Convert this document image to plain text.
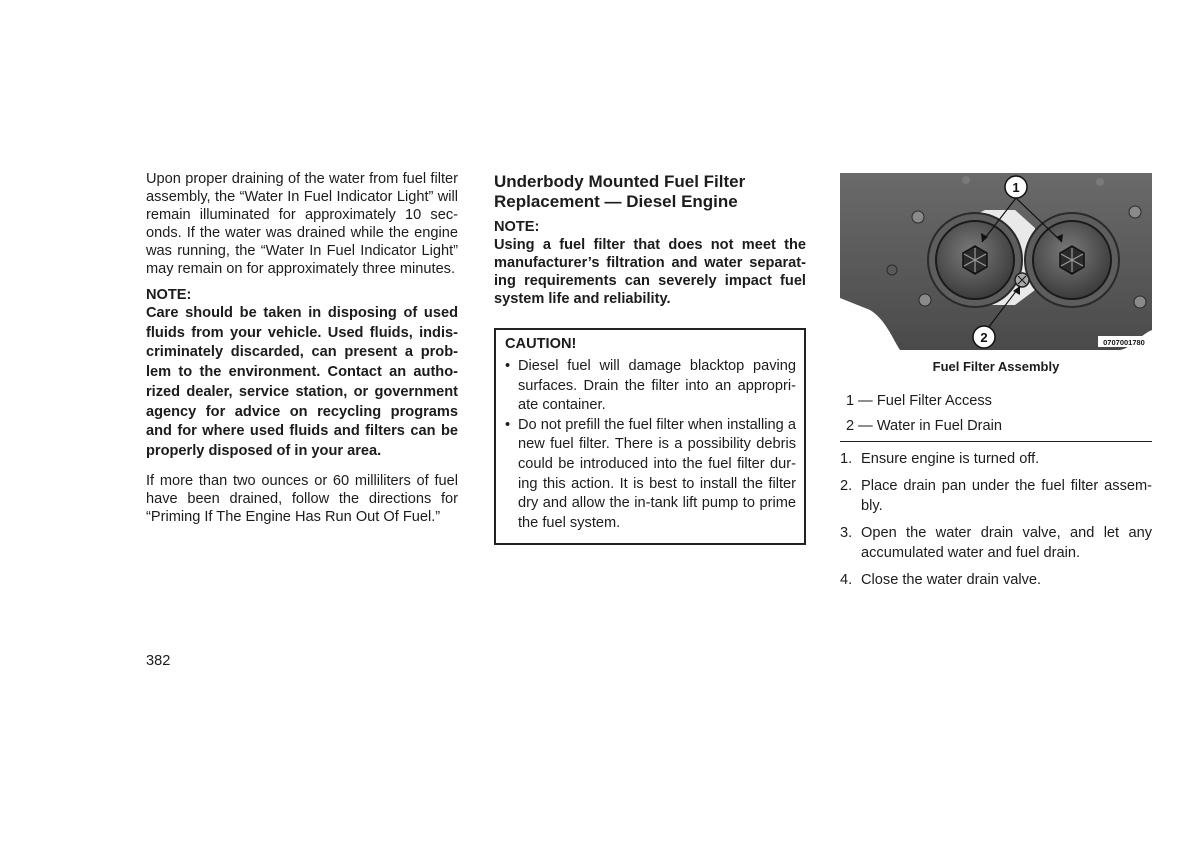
Upon proper draining of the water from fuel filter assembly, the “Water In Fuel Indicator Light” will remain illuminated for approximately 10 sec-onds. If the water was drained while the engine was running, the “Water In Fuel Indicator Light” may remain on for approximately three minutes.

NOTE:

Care should be taken in disposing of used fluids from your vehicle. Used fluids, indis-criminately discarded, can present a prob-lem to the environment. Contact an autho-rized dealer, service station, or government agency for advice on recycling programs and for where used fluids and filters can be properly disposed of in your area.

If more than two ounces or 60 milliliters of fuel have been drained, follow the directions for “Priming If The Engine Has Run Out Of Fuel.”

Underbody Mounted Fuel Filter Replacement — Diesel Engine

NOTE:

Using a fuel filter that does not meet the manufacturer’s filtration and water separat-ing requirements can severely impact fuel system life and reliability.

CAUTION!

• Diesel fuel will damage blacktop paving surfaces. Drain the filter into an appropri-ate container.
• Do not prefill the fuel filter when installing a new fuel filter. There is a possibility debris could be introduced into the fuel filter dur-ing this action. It is best to install the filter dry and allow the in-tank lift pump to prime the fuel system.
1
2	0707001780

Fuel Filter Assembly

1 — Fuel Filter Access

2 — Water in Fuel Drain

1. Ensure engine is turned off.
2. Place drain pan under the fuel filter assem-bly.
3. Open the water drain valve, and let any accumulated water and fuel drain.
4. Close the water drain valve.
382
